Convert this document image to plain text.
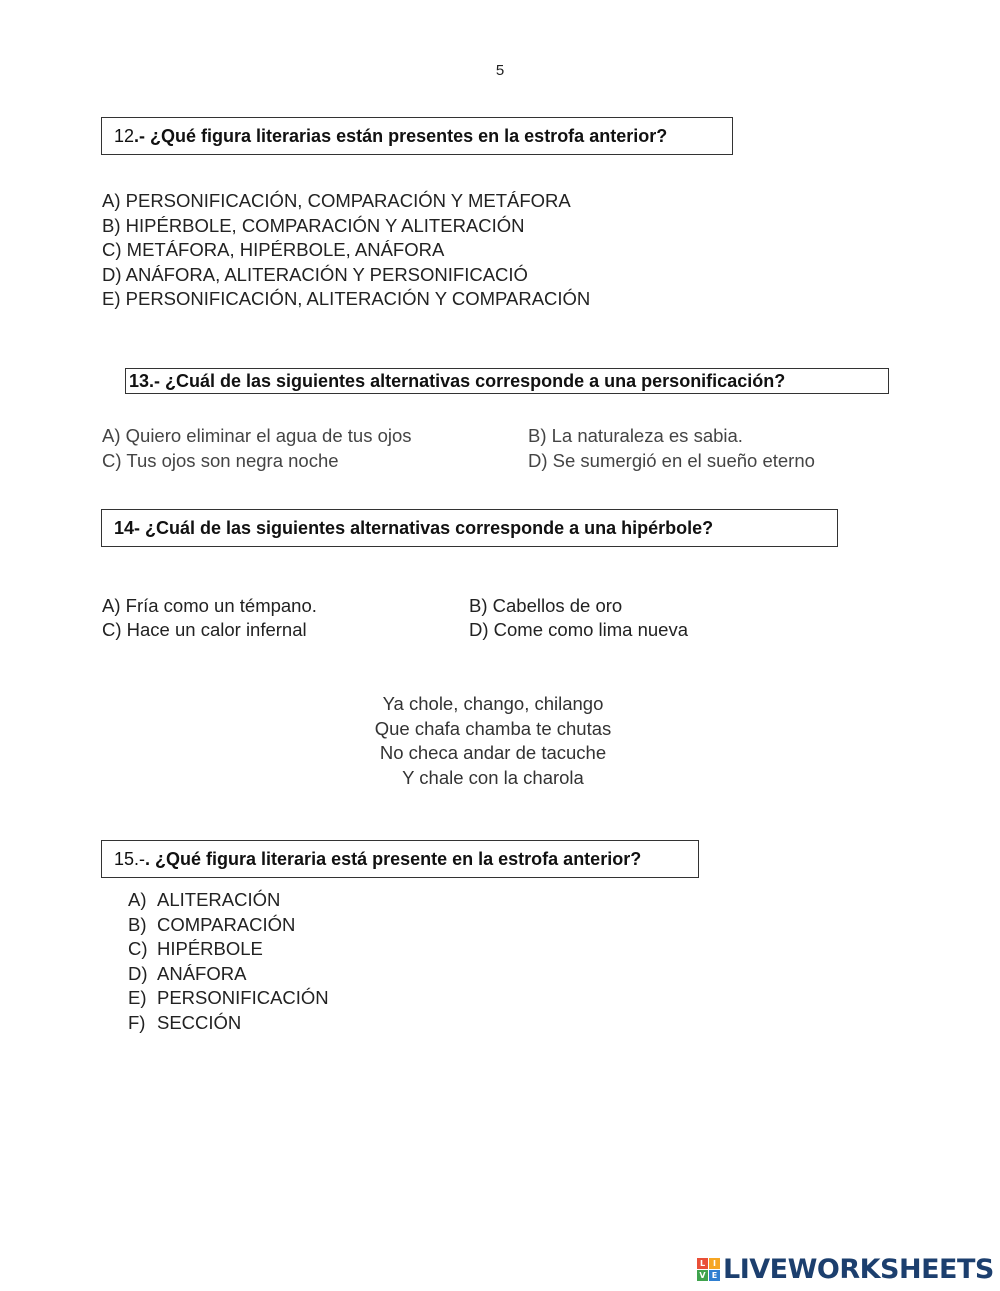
5
12 .- ¿Qué figura literarias están presentes en la estrofa anterior?
A) PERSONIFICACIÓN, COMPARACIÓN Y METÁFORA
B) HIPÉRBOLE, COMPARACIÓN Y ALITERACIÓN
C) METÁFORA, HIPÉRBOLE, ANÁFORA
D) ANÁFORA, ALITERACIÓN Y PERSONIFICACIÓ
E) PERSONIFICACIÓN, ALITERACIÓN Y COMPARACIÓN
13.- ¿Cuál de las siguientes alternativas corresponde a una personificación?
A) Quiero eliminar el agua de tus ojos	B) La naturaleza es sabia.
C) Tus ojos son negra noche	D) Se sumergió en el sueño eterno
14- ¿Cuál de las siguientes alternativas corresponde a una hipérbole?
A) Fría como un témpano.	B) Cabellos de oro
C) Hace un calor infernal	D) Come como lima nueva
Ya chole, chango, chilango
Que chafa chamba te chutas
No checa andar de tacuche
Y chale con la charola
15.- . ¿Qué figura literaria está presente en la estrofa anterior?
A) ALITERACIÓN
B) COMPARACIÓN
C) HIPÉRBOLE
D) ANÁFORA
E) PERSONIFICACIÓN
F) SECCIÓN
L I
V E LIVEWORKSHEETS
